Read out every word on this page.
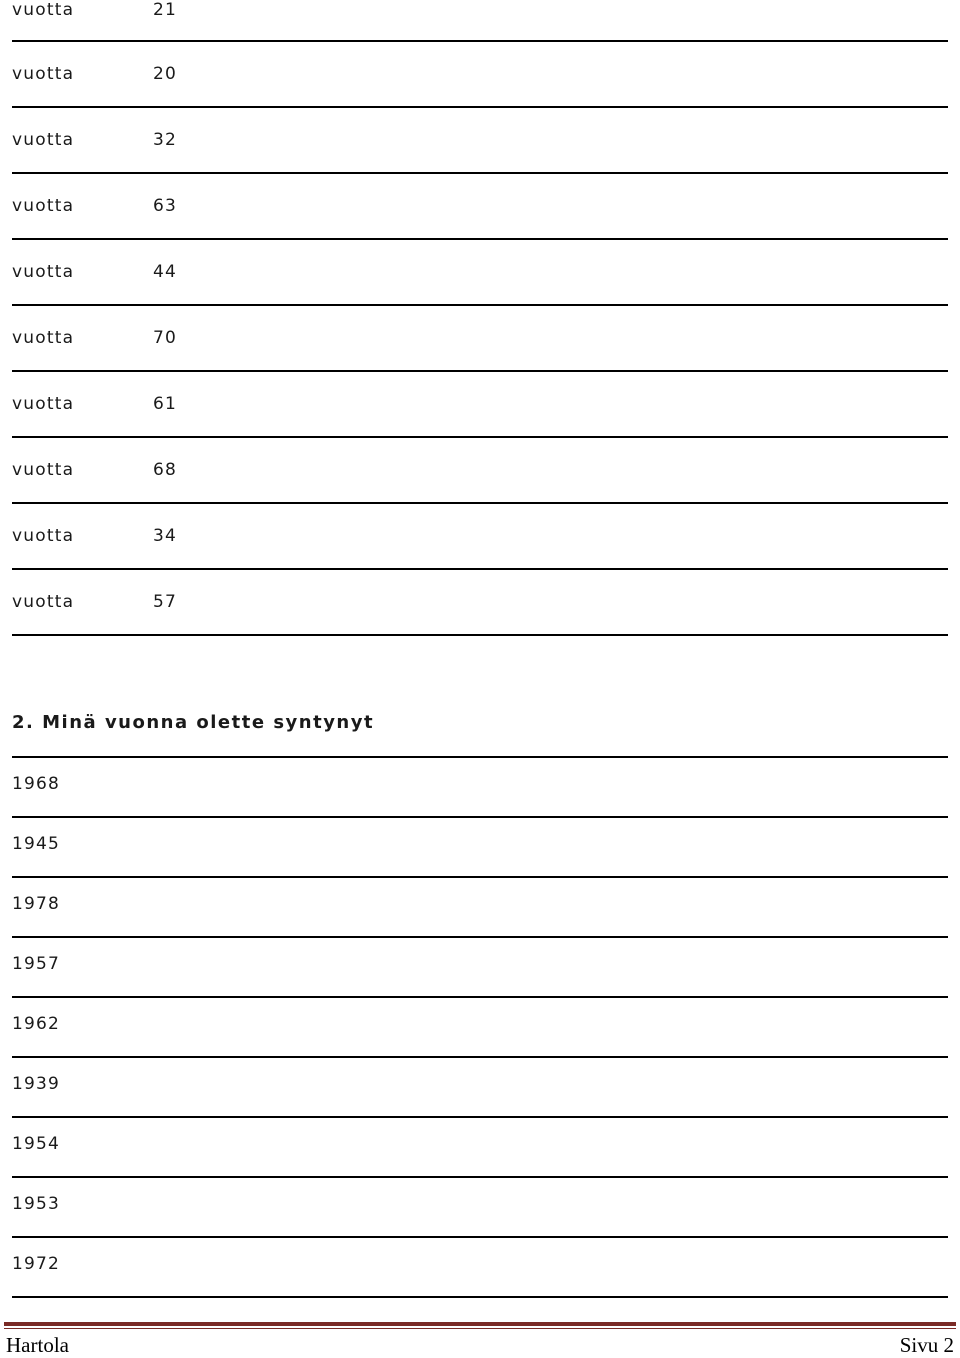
vuotta	21
vuotta	20
vuotta	32
vuotta	63
vuotta	44
vuotta	70
vuotta	61
vuotta	68
vuotta	34
vuotta	57
2. Minä vuonna olette syntynyt
1968
1945
1978
1957
1962
1939
1954
1953
1972
Hartola	Sivu 2
